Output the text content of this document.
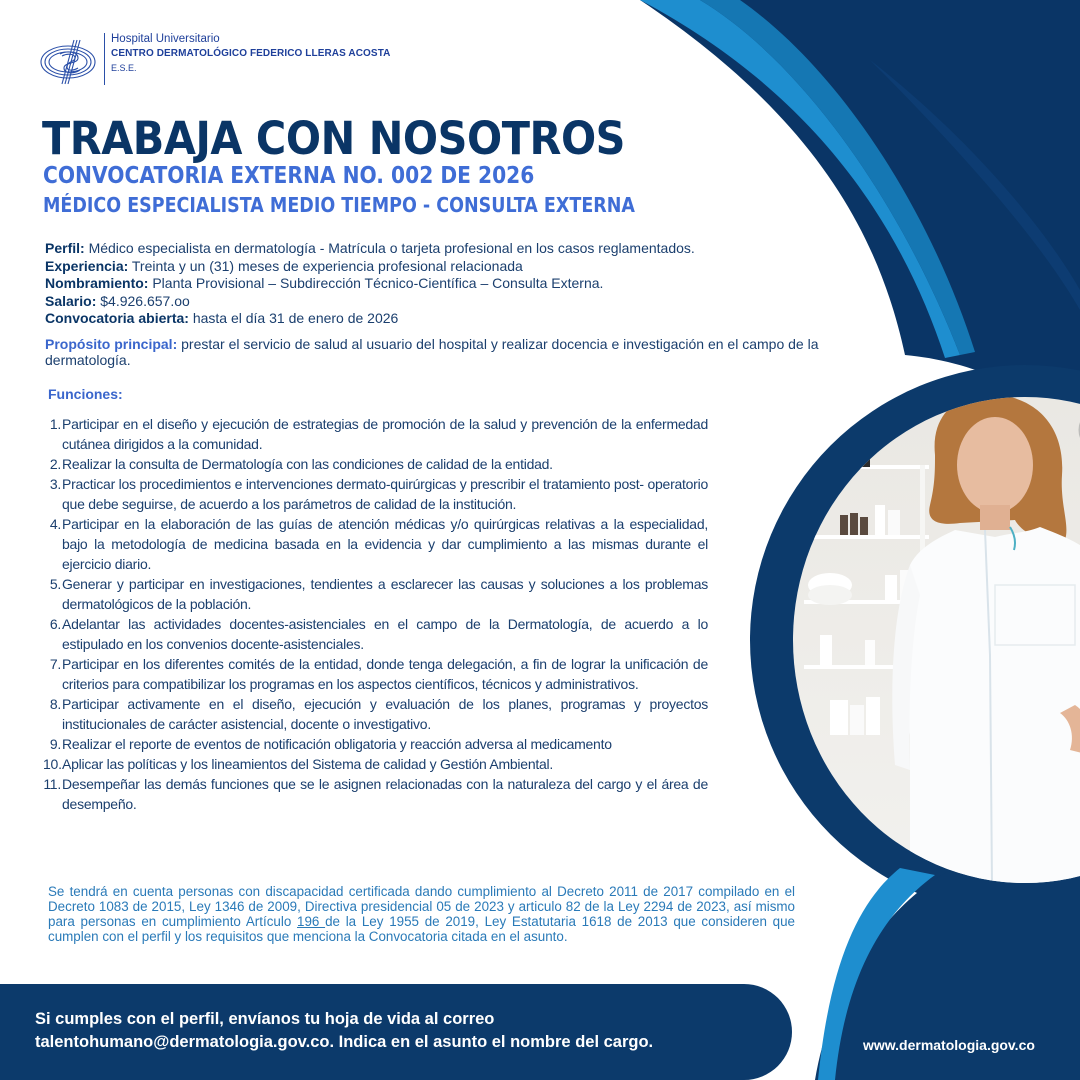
Hospital Universitario
CENTRO DERMATOLÓGICO FEDERICO LLERAS ACOSTA
E.S.E.
TRABAJA CON NOSOTROS
CONVOCATORIA EXTERNA NO. 002 DE 2026
MÉDICO ESPECIALISTA MEDIO TIEMPO - CONSULTA EXTERNA
Perfil: Médico especialista en dermatología - Matrícula o tarjeta profesional en los casos reglamentados.
Experiencia: Treinta y un (31) meses de experiencia profesional relacionada
Nombramiento: Planta Provisional – Subdirección Técnico-Científica – Consulta Externa.
Salario: $4.926.657.oo
Convocatoria abierta: hasta el día 31 de enero de 2026
Propósito principal: prestar el servicio de salud al usuario del hospital y realizar docencia e investigación en el campo de la dermatología.
Funciones:
1. Participar en el diseño y ejecución de estrategias de promoción de la salud y prevención de la enfermedad cutánea dirigidos a la comunidad.
2. Realizar la consulta de Dermatología con las condiciones de calidad de la entidad.
3. Practicar los procedimientos e intervenciones dermato-quirúrgicas y prescribir el tratamiento post- operatorio que debe seguirse, de acuerdo a los parámetros de calidad de la institución.
4. Participar en la elaboración de las guías de atención médicas y/o quirúrgicas relativas a la especialidad, bajo la metodología de medicina basada en la evidencia y dar cumplimiento a las mismas durante el ejercicio diario.
5. Generar y participar en investigaciones, tendientes a esclarecer las causas y soluciones a los problemas dermatológicos de la población.
6. Adelantar las actividades docentes-asistenciales en el campo de la Dermatología, de acuerdo a lo estipulado en los convenios docente-asistenciales.
7. Participar en los diferentes comités de la entidad, donde tenga delegación, a fin de lograr la unificación de criterios para compatibilizar los programas en los aspectos científicos, técnicos y administrativos.
8. Participar activamente en el diseño, ejecución y evaluación de los planes, programas y proyectos institucionales de carácter asistencial, docente o investigativo.
9. Realizar el reporte de eventos de notificación obligatoria y reacción adversa al medicamento
10. Aplicar las políticas y los lineamientos del Sistema de calidad y Gestión Ambiental.
11. Desempeñar las demás funciones que se le asignen relacionadas con la naturaleza del cargo y el área de desempeño.

Se tendrá en cuenta personas con discapacidad certificada dando cumplimiento al Decreto 2011 de 2017 compilado en el Decreto 1083 de 2015, Ley 1346 de 2009, Directiva presidencial 05 de 2023 y articulo 82 de la Ley 2294 de 2023, así mismo para personas en cumplimiento Artículo 196 de la Ley 1955 de 2019, Ley Estatutaria 1618 de 2013 que consideren que cumplen con el perfil y los requisitos que menciona la Convocatoria citada en el asunto.

Si cumples con el perfil, envíanos tu hoja de vida al correo
talentohumano@dermatologia.gov.co. Indica en el asunto el nombre del cargo.	www.dermatologia.gov.co
